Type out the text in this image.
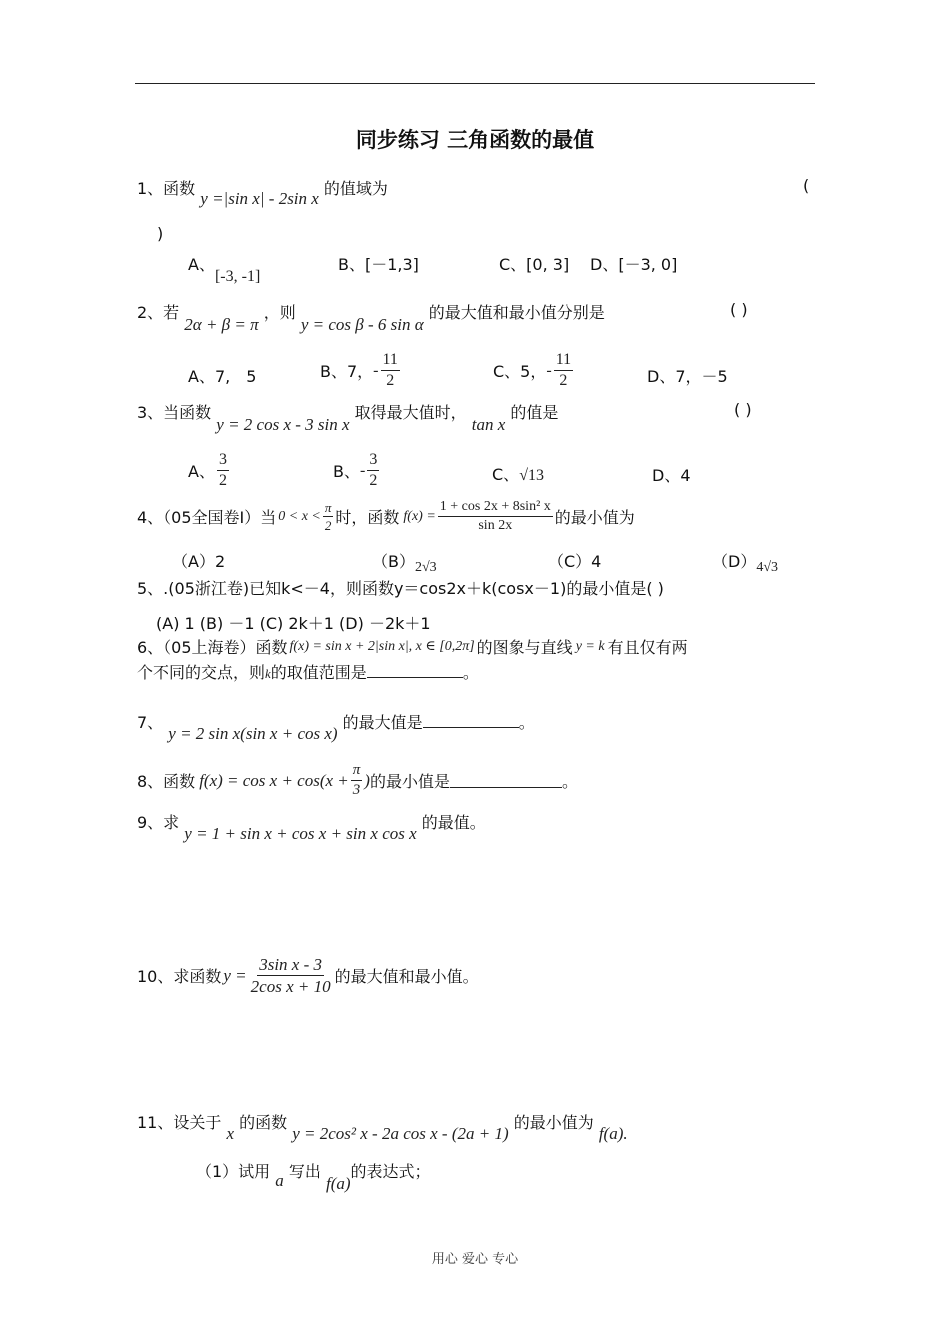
同步练习 三角函数的最值
1、函数 y =|sin x| - 2sin x 的值域为	(
)
A、[-3, -1]
B、[－1,3]	C、[0, 3] D、[－3, 0]
2、若 2α + β = π ，则 y = cos β - 6 sin α 的最大值和最小值分别是	( )
A、7,　5	B、7， - $\frac{11}{2}$	C、5， - $\frac{11}{2}$	D、7，－5
3、当函数 y = 2 cos x - 3 sin x 取得最大值时， tan x 的值是	( )
A、 $\frac{3}{2}$	B、 - $\frac{3}{2}$	C、√13	D、4
4、（05全国卷Ⅰ）当 $0 < x < \frac{\pi}{2}$ 时，函数 $f(x) = \frac{\text{1 + cos 2x + 8sin² x}}{\sin 2x}$ 的最小值为
（A）2	（B）2√3	（C）4	（D）4√3
5、.(05浙江卷)已知k<－4，则函数y＝cos2x＋k(cosx－1)的最小值是( )
(A) 1 (B) －1 (C) 2k＋1 (D) －2k＋1
6、（05上海卷）函数 f(x) = sin x + 2|sin x|, x ∈ [0,2π] 的图象与直线 y = k 有且仅有两
个不同的交点，则k的取值范围是	。
7、 y = 2 sin x(sin x + cos x) 的最大值是	。
8、函数 $f(x) = \cos x + \cos(x + \frac{\pi}{3}$ ) 的最小值是	。
9、求 y = 1 + sin x + cos x + sin x cos x 的最值。
10、求函数 $y = \frac{\text{3sin x - 3}}{\text{2cos x + 10}}$ 的最大值和最小值。
11、设关于 x 的函数 y = 2cos² x - 2a cos x - (2a + 1) 的最小值为 f(a).
（1）试用 a 写出 f(a)的表达式；
用心 爱心 专心
